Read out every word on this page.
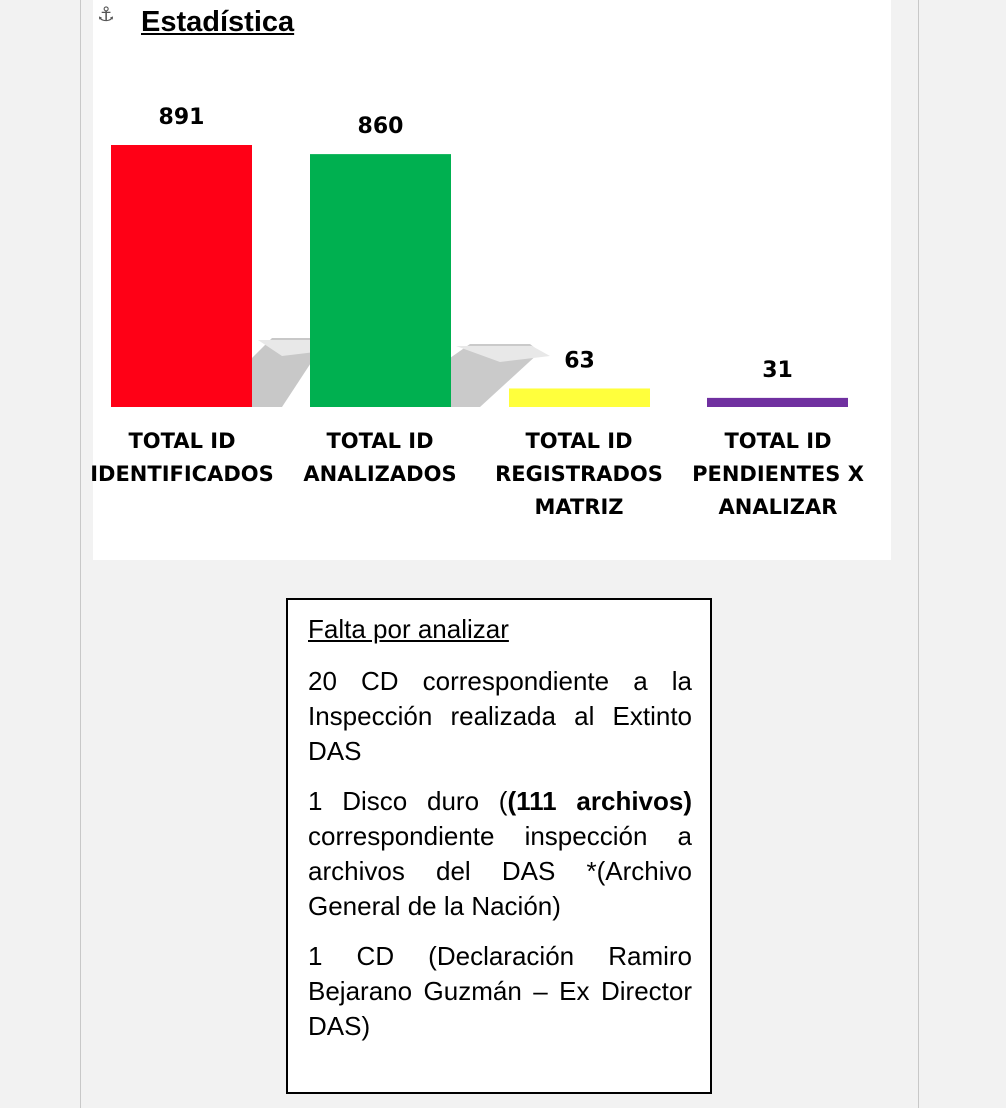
⚓ Estadística
891	860
63	31
TOTAL ID
IDENTIFICADOS
TOTAL ID
ANALIZADOS
TOTAL ID
REGISTRADOS
MATRIZ
TOTAL ID
PENDIENTES X
ANALIZAR
Falta por analizar
20 CD correspondiente a la Inspección realizada al Extinto DAS
1 Disco duro ((111 archivos) correspondiente inspección a archivos del DAS *(Archivo General de la Nación)
1 CD (Declaración Ramiro Bejarano Guzmán – Ex Director DAS)
